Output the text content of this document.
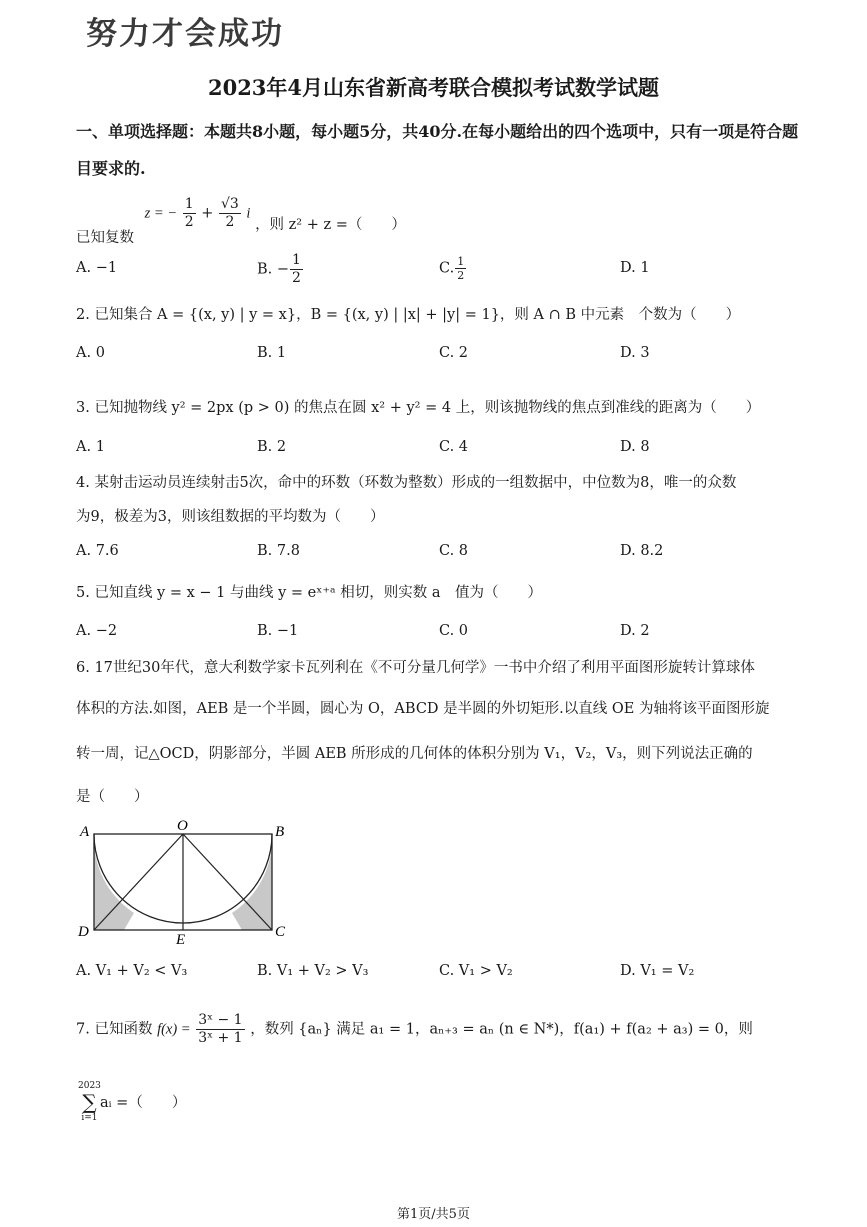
努力才会成功
2023年4月山东省新高考联合模拟考试数学试题
一、单项选择题：本题共8小题，每小题5分，共40分.在每小题给出的四个选项中，只有一项是符合题目要求的.
已知复数 z = − $\frac{1}{2} + \frac{√3}{2}$ i ，则 z² + z =（　　）
A. −1	B. − $\frac{1}{2}$	C. $\frac{1}{2}$	D. 1
2. 已知集合 A = {(x, y) | y = x}，B = {(x, y) | |x| + |y| = 1}，则 A ∩ B 中元素　个数为（　　）
A. 0	B. 1	C. 2	D. 3
3. 已知抛物线 y² = 2px (p > 0) 的焦点在圆 x² + y² = 4 上，则该抛物线的焦点到准线的距离为（　　）
A. 1	B. 2	C. 4	D. 8
4. 某射击运动员连续射击5次，命中的环数（环数为整数）形成的一组数据中，中位数为8，唯一的众数
为9，极差为3，则该组数据的平均数为（　　）
A. 7.6	B. 7.8	C. 8	D. 8.2
5. 已知直线 y = x − 1 与曲线 y = eˣ⁺ᵃ 相切，则实数 a　值为（　　）
A. −2	B. −1	C. 0	D. 2
6. 17世纪30年代，意大利数学家卡瓦列利在《不可分量几何学》一书中介绍了利用平面图形旋转计算球体
体积的方法.如图，AEB 是一个半圆，圆心为 O，ABCD 是半圆的外切矩形.以直线 OE 为轴将该平面图形旋
转一周，记△OCD，阴影部分，半圆 AEB 所形成的几何体的体积分别为 V₁，V₂，V₃，则下列说法正确的
是（　　）
A	O	B
D	E	C
A. V₁ + V₂ < V₃	B. V₁ + V₂ > V₃	C. V₁ > V₂	D. V₁ = V₂
7. 已知函数 $f(x) = \frac{\text{3ˣ − 1}}{\text{3ˣ + 1}}$ ，数列 {aₙ} 满足 a₁ = 1，aₙ₊₃ = aₙ (n ∈ N*)，f(a₁) + f(a₂ + a₃) = 0，则
2023
∑
i=1
aᵢ =（　　）
第1页/共5页
